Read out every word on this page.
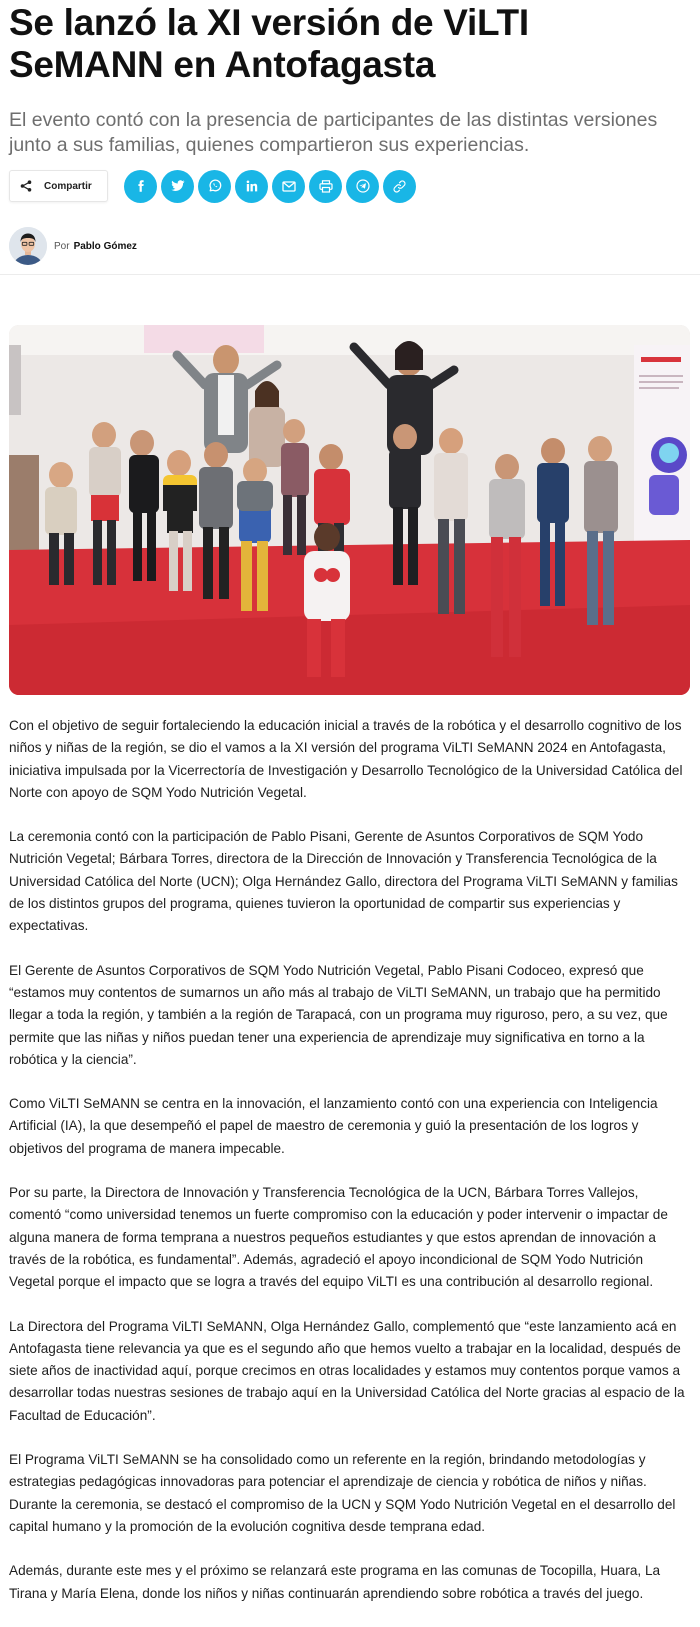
Se lanzó la XI versión de ViLTI SeMANN en Antofagasta

El evento contó con la presencia de participantes de las distintas versiones junto a sus familias, quienes compartieron sus experiencias.

Compartir
Por Pablo Gómez

Con el objetivo de seguir fortaleciendo la educación inicial a través de la robótica y el desarrollo cognitivo de los niños y niñas de la región, se dio el vamos a la XI versión del programa ViLTI SeMANN 2024 en Antofagasta, iniciativa impulsada por la Vicerrectoría de Investigación y Desarrollo Tecnológico de la Universidad Católica del Norte con apoyo de SQM Yodo Nutrición Vegetal.

La ceremonia contó con la participación de Pablo Pisani, Gerente de Asuntos Corporativos de SQM Yodo Nutrición Vegetal; Bárbara Torres, directora de la Dirección de Innovación y Transferencia Tecnológica de la Universidad Católica del Norte (UCN); Olga Hernández Gallo, directora del Programa ViLTI SeMANN y familias de los distintos grupos del programa, quienes tuvieron la oportunidad de compartir sus experiencias y expectativas.

El Gerente de Asuntos Corporativos de SQM Yodo Nutrición Vegetal, Pablo Pisani Codoceo, expresó que “estamos muy contentos de sumarnos un año más al trabajo de ViLTI SeMANN, un trabajo que ha permitido llegar a toda la región, y también a la región de Tarapacá, con un programa muy riguroso, pero, a su vez, que permite que las niñas y niños puedan tener una experiencia de aprendizaje muy significativa en torno a la robótica y la ciencia”.

Como ViLTI SeMANN se centra en la innovación, el lanzamiento contó con una experiencia con Inteligencia Artificial (IA), la que desempeñó el papel de maestro de ceremonia y guió la presentación de los logros y objetivos del programa de manera impecable.

Por su parte, la Directora de Innovación y Transferencia Tecnológica de la UCN, Bárbara Torres Vallejos, comentó “como universidad tenemos un fuerte compromiso con la educación y poder intervenir o impactar de alguna manera de forma temprana a nuestros pequeños estudiantes y que estos aprendan de innovación a través de la robótica, es fundamental”. Además, agradeció el apoyo incondicional de SQM Yodo Nutrición Vegetal porque el impacto que se logra a través del equipo ViLTI es una contribución al desarrollo regional.

La Directora del Programa ViLTI SeMANN, Olga Hernández Gallo, complementó que “este lanzamiento acá en Antofagasta tiene relevancia ya que es el segundo año que hemos vuelto a trabajar en la localidad, después de siete años de inactividad aquí, porque crecimos en otras localidades y estamos muy contentos porque vamos a desarrollar todas nuestras sesiones de trabajo aquí en la Universidad Católica del Norte gracias al espacio de la Facultad de Educación”.

El Programa ViLTI SeMANN se ha consolidado como un referente en la región, brindando metodologías y estrategias pedagógicas innovadoras para potenciar el aprendizaje de ciencia y robótica de niños y niñas. Durante la ceremonia, se destacó el compromiso de la UCN y SQM Yodo Nutrición Vegetal en el desarrollo del capital humano y la promoción de la evolución cognitiva desde temprana edad.

Además, durante este mes y el próximo se relanzará este programa en las comunas de Tocopilla, Huara, La Tirana y María Elena, donde los niños y niñas continuarán aprendiendo sobre robótica a través del juego.
